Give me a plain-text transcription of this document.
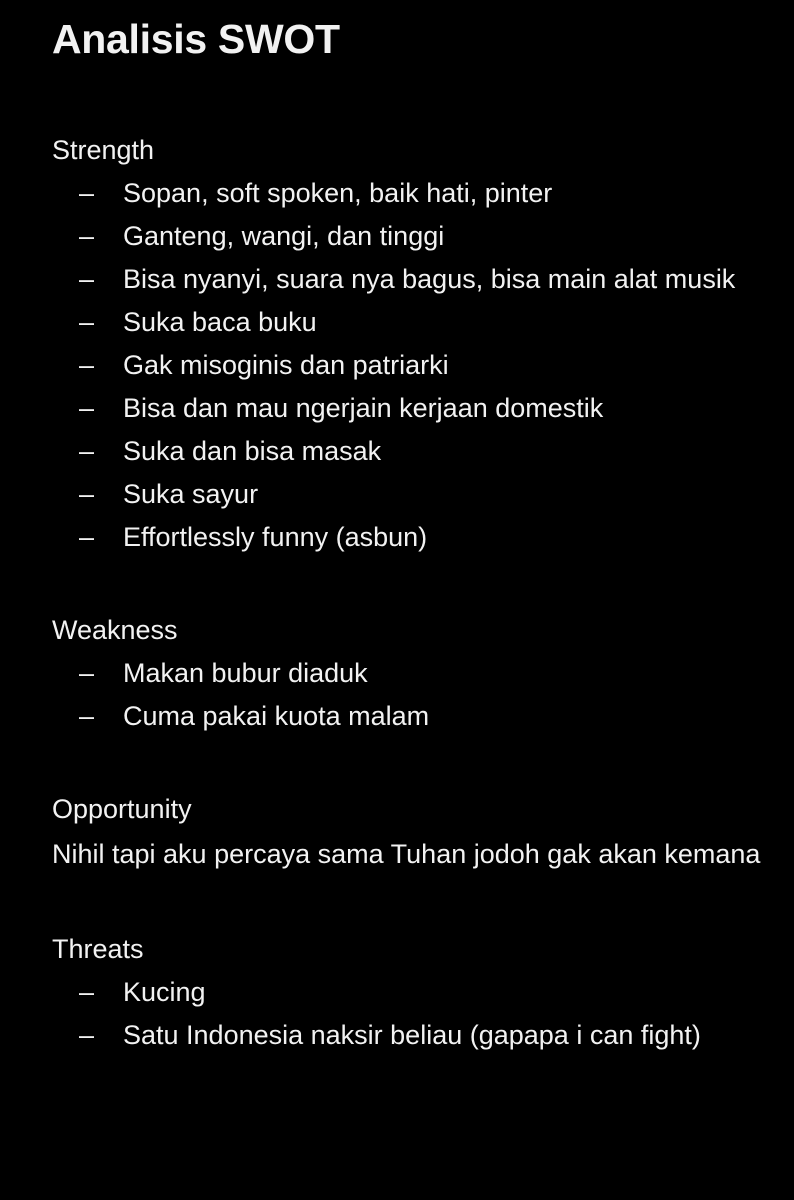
Analisis SWOT

Strength

– Sopan, soft spoken, baik hati, pinter
– Ganteng, wangi, dan tinggi
– Bisa nyanyi, suara nya bagus, bisa main alat musik
– Suka baca buku
– Gak misoginis dan patriarki
– Bisa dan mau ngerjain kerjaan domestik
– Suka dan bisa masak
– Suka sayur
– Effortlessly funny (asbun)

Weakness

– Makan bubur diaduk
– Cuma pakai kuota malam

Opportunity

Nihil tapi aku percaya sama Tuhan jodoh gak akan kemana

Threats

– Kucing
– Satu Indonesia naksir beliau (gapapa i can fight)
